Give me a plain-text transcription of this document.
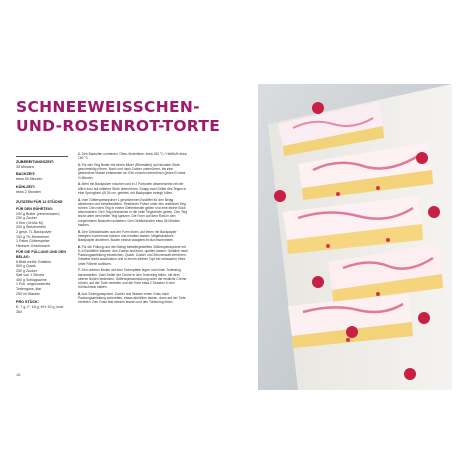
SCHNEEWEISSCHEN-
UND-ROSENROT-TORTE

ZUBEREITUNGSZEIT:

35 Minuten

BACKZEIT:

etwa 35 Minuten

KÜHLZEIT:

etwa 2 Stunden

ZUTATEN FÜR 12 STÜCKE

FÜR DEN RÜHRTEIG:

200 g Butter (zimmerwarm)

200 g Zucker

4 Eier (Größe M)

200 g Weizenmehl

2 gestr. TL Backpulver

100 g TK-Himbeeren

1 Paket Götterspeise

Himbeer-Geschmack

FÜR DIE FÜLLUNG UND DEN BELAG:

8 Blatt weiße Gelatine

500 g Quark

250 g Zucker

Saft von 1 Zitrone

400 g Schlagsahne

1 Pck. ungezuckertes Tortenguss, klar

250 ml Wasser

PRO STÜCK:

E: 7 g, F: 18 g, KH: 43 g, kcal: 364

1. Den Backofen vorheizen. Ober-/Unterhitze: etwa 180 °C / Heißluft: etwa 160 °C

2. Für den Teig Butter mit einem Mixer (Rührstäbe) auf höchster Stufe geschmeidig rühren. Nach und nach Zucker unterrühren, bis eine gebundene Masse entstanden ist. Eier einzeln unterrühren (jedes Ei etwa ½ Minute).

3. Mehl mit Backpulver mischen und in 2 Portionen abwechselnd mit der Milch kurz auf mittlerer Stufe unterrühren. Knapp zwei Drittel des Teiges in eine Springform (Ø 26 cm, gefettet, mit Backpapier belegt) füllen.

4. Vom Götterspeisepulver 1 gestrichenen Esslöffel für den Belag abnehmen und beiseitestellen. Restliches Pulver unter den restlichen Teig rühren. Den roten Teig in einem Gefrierbeutel geben und eine kleine Ecke abschneiden. Den Teig kleckweise in die helle Teigschicht geben. Den Teig leicht unter den hellen Teig spritzen. Die Form auf dem Rost in den vorgeheizten Backofen schieben. Den Gebäckboden etwa 35 Minuten backen.

5. Den Gebäckboden aus der Form lösen, auf einen mit Backpapier belegten Kuchenrost stürzen und erkalten lassen. Mitgebackenes Backpapier abziehen. Boden einmal waagerecht durchschneiden.

6. Für die Füllung und den Belag beiseitegestelltes Götterspeisepulver mit 5–6 Esslöffeln Wasser, den Zucker anrühren, quellen lassen. Gelatine nach Packungsanleitung einweichen. Quark, Zucker und Zitronensaft verrühren. Gelatine leicht ausdrücken und in einem kleinen Topf bei schwacher Hitze unter Rühren auflösen.

7. Den unteren Boden auf eine Tortenplatte legen und einen Tortenring darumstellen. Zwei Drittel der Creme in den Tortenring füllen, mit dem oberen Boden bedecken. Götterspeisemischung unter die restliche Creme rühren, auf der Torte verteilen und die Torte etwa 2 Stunden in den Kühlschrank stellen.

8. Aus Tortengusspulver, Zucker und Wasser einen Guss nach Packungsanleitung zubereiten, etwas abkühlen lassen, dann auf der Torte verteilen. Den Guss fest werden lassen und den Tortenring lösen.

16
